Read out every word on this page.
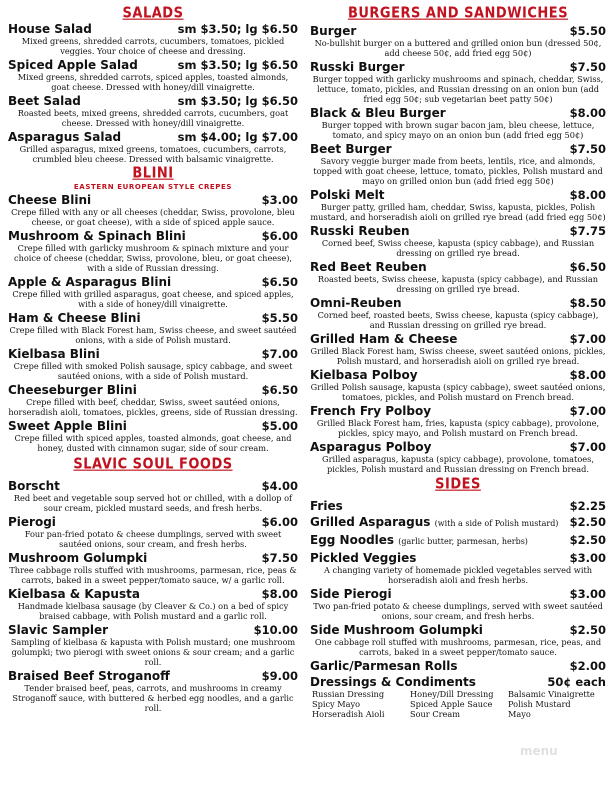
SALADS
House Salad	sm $3.50; lg $6.50
Mixed greens, shredded carrots, cucumbers, tomatoes, pickled veggies. Your choice of cheese and dressing.
Spiced Apple Salad	sm $3.50; lg $6.50
Mixed greens, shredded carrots, spiced apples, toasted almonds, goat cheese. Dressed with honey/dill vinaigrette.
Beet Salad	sm $3.50; lg $6.50
Roasted beets, mixed greens, shredded carrots, cucumbers, goat cheese. Dressed with honey/dill vinaigrette.
Asparagus Salad	sm $4.00; lg $7.00
Grilled asparagus, mixed greens, tomatoes, cucumbers, carrots, crumbled bleu cheese. Dressed with balsamic vinaigrette.
BLINI
EASTERN EUROPEAN STYLE CREPES
Cheese Blini	$3.00
Crepe filled with any or all cheeses (cheddar, Swiss, provolone, bleu cheese, or goat cheese), with a side of spiced apple sauce.
Mushroom & Spinach Blini	$6.00
Crepe filled with garlicky mushroom & spinach mixture and your choice of cheese (cheddar, Swiss, provolone, bleu, or goat cheese), with a side of Russian dressing.
Apple & Asparagus Blini	$6.50
Crepe filled with grilled asparagus, goat cheese, and spiced apples, with a side of honey/dill vinaigrette.
Ham & Cheese Blini	$5.50
Crepe filled with Black Forest ham, Swiss cheese, and sweet sautéed onions, with a side of Polish mustard.
Kielbasa Blini	$7.00
Crepe filled with smoked Polish sausage, spicy cabbage, and sweet sautéed onions, with a side of Polish mustard.
Cheeseburger Blini	$6.50
Crepe filled with beef, cheddar, Swiss, sweet sautéed onions, horseradish aioli, tomatoes, pickles, greens, side of Russian dressing.
Sweet Apple Blini	$5.00
Crepe filled with spiced apples, toasted almonds, goat cheese, and honey, dusted with cinnamon sugar, side of sour cream.
SLAVIC SOUL FOODS
Borscht	$4.00
Red beet and vegetable soup served hot or chilled, with a dollop of sour cream, pickled mustard seeds, and fresh herbs.
Pierogi	$6.00
Four pan-fried potato & cheese dumplings, served with sweet sautéed onions, sour cream, and fresh herbs.
Mushroom Golumpki	$7.50
Three cabbage rolls stuffed with mushrooms, parmesan, rice, peas & carrots, baked in a sweet pepper/tomato sauce, w/ a garlic roll.
Kielbasa & Kapusta	$8.00
Handmade kielbasa sausage (by Cleaver & Co.) on a bed of spicy braised cabbage, with Polish mustard and a garlic roll.
Slavic Sampler	$10.00
Sampling of kielbasa & kapusta with Polish mustard; one mushroom golumpki; two pierogi with sweet onions & sour cream; and a garlic roll.
Braised Beef Stroganoff	$9.00
Tender braised beef, peas, carrots, and mushrooms in creamy Stroganoff sauce, with buttered & herbed egg noodles, and a garlic roll.
BURGERS AND SANDWICHES
Burger	$5.50
No-bullshit burger on a buttered and grilled onion bun (dressed 50¢, add cheese 50¢, add fried egg 50¢)
Russki Burger	$7.50
Burger topped with garlicky mushrooms and spinach, cheddar, Swiss, lettuce, tomato, pickles, and Russian dressing on an onion bun (add fried egg 50¢; sub vegetarian beet patty 50¢)
Black & Bleu Burger	$8.00
Burger topped with brown sugar bacon jam, bleu cheese, lettuce, tomato, and spicy mayo on an onion bun (add fried egg 50¢)
Beet Burger	$7.50
Savory veggie burger made from beets, lentils, rice, and almonds, topped with goat cheese, lettuce, tomato, pickles, Polish mustard and mayo on grilled onion bun (add fried egg 50¢)
Polski Melt	$8.00
Burger patty, grilled ham, cheddar, Swiss, kapusta, pickles, Polish mustard, and horseradish aioli on grilled rye bread (add fried egg 50¢)
Russki Reuben	$7.75
Corned beef, Swiss cheese, kapusta (spicy cabbage), and Russian dressing on grilled rye bread.
Red Beet Reuben	$6.50
Roasted beets, Swiss cheese, kapusta (spicy cabbage), and Russian dressing on grilled rye bread.
Omni-Reuben	$8.50
Corned beef, roasted beets, Swiss cheese, kapusta (spicy cabbage), and Russian dressing on grilled rye bread.
Grilled Ham & Cheese	$7.00
Grilled Black Forest ham, Swiss cheese, sweet sautéed onions, pickles, Polish mustard, and horseradish aioli on grilled rye bread.
Kielbasa Polboy	$8.00
Grilled Polish sausage, kapusta (spicy cabbage), sweet sautéed onions, tomatoes, pickles, and Polish mustard on French bread.
French Fry Polboy	$7.00
Grilled Black Forest ham, fries, kapusta (spicy cabbage), provolone, pickles, spicy mayo, and Polish mustard on French bread.
Asparagus Polboy	$7.00
Grilled asparagus, kapusta (spicy cabbage), provolone, tomatoes, pickles, Polish mustard and Russian dressing on French bread.
SIDES
Fries	$2.25
Grilled Asparagus (with a side of Polish mustard) $2.50
Egg Noodles (garlic butter, parmesan, herbs)	$2.50
Pickled Veggies	$3.00
A changing variety of homemade pickled vegetables served with horseradish aioli and fresh herbs.
Side Pierogi	$3.00
Two pan-fried potato & cheese dumplings, served with sweet sautéed onions, sour cream, and fresh herbs.
Side Mushroom Golumpki	$2.50
One cabbage roll stuffed with mushrooms, parmesan, rice, peas, and carrots, baked in a sweet pepper/tomato sauce.
Garlic/Parmesan Rolls	$2.00
Dressings & Condiments	50¢ each
Russian Dressing	Honey/Dill Dressing	Balsamic Vinaigrette
Spicy Mayo	Spiced Apple Sauce	Polish Mustard
Horseradish Aioli	Sour Cream	Mayo
menu
